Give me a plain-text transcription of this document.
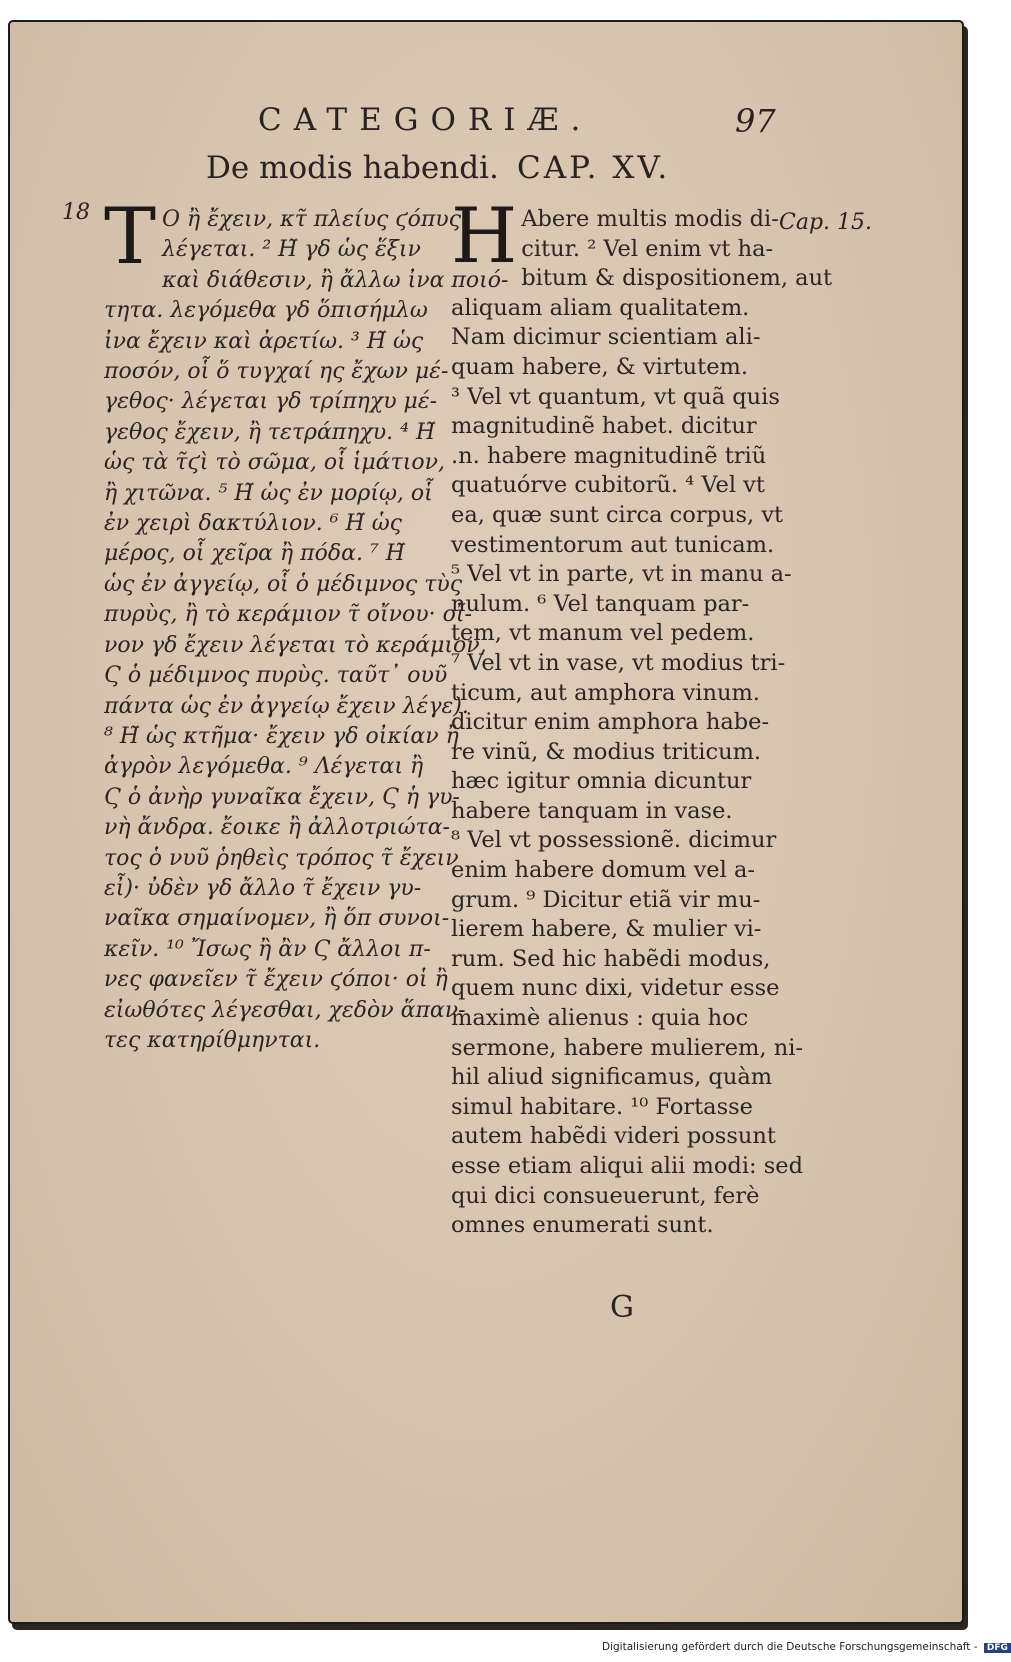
CATEGORIÆ.	97
De modis habendi. CAP. XV.
18 T Ο ἢ ἔχειν, κτ̃ πλείυς ϛόπυς
λέγεται. ² Η̃ γδ ὡς ἕξιν
καὶ διάθεσιν, ἢ ἄλλω ἰνα ποιό-
τητα. λεγόμεθα γδ ὅπισήμλω
ἰνα ἔχειν καὶ ἀρετίω. ³ Η̃ ὡς
ποσόν, οἷ ὅ τυγχαί ης ἔχων μέ-
γεθος· λέγεται γδ τρίπηχυ μέ-
γεθος ἔχειν, ἢ τετράπηχυ. ⁴ Η̃
ὡς τὰ τ̃ϛὶ τὸ σῶμα, οἷ ἱμάτιον,
ἢ χιτῶνα. ⁵ Η̃ ὡς ἐν μορίῳ, οἷ
ἐν χειρὶ δακτύλιον. ⁶ Η̃ ὡς
μέρος, οἷ χεῖρα ἢ πόδα. ⁷ Η̃
ὡς ἐν ἀγγείῳ, οἷ ὁ μέδιμνος τὺς
πυρὺς, ἢ τὸ κεράμιον τ̃ οἴνου· οἴ-
νον γδ ἔχειν λέγεται τὸ κεράμιον,
Ϛ ὁ μέδιμνος πυρὺς. ταῦτ᾽ ουῦ
πάντα ὡς ἐν ἀγγείῳ ἔχειν λέγε).
⁸ Η̃ ὡς κτῆμα· ἔχειν γδ οἰκίαν ἢ
ἀγρὸν λεγόμεθα. ⁹ Λέγεται ἢ
Ϛ ὁ ἀνὴρ γυναῖκα ἔχειν, Ϛ ἡ γυ-
νὴ ἄνδρα. ἔοικε ἢ ἀλλοτριώτα-
τος ὁ νυῦ ῥηθεὶς τρόπος τ̃ ἔχειν
εἶ)· ὐδὲν γδ ἄλλο τ̃ ἔχειν γυ-
ναῖκα σημαίνομεν, ἢ ὅπ συνοι-
κεῖν. ¹⁰ Ἴσως ἢ ἂν Ϛ ἄλλοι π-
νες φανεῖεν τ̃ ἔχειν ϛόποι· οἱ ἢ
εἰωθότες λέγεσθαι, χεδὸν ἅπαν-
τες κατηρίθμηνται.
H Abere multis modis di-
citur. ² Vel enim vt ha-
bitum & dispositionem, aut
aliquam aliam qualitatem.
Nam dicimur scientiam ali-
quam habere, & virtutem.
³ Vel vt quantum, vt quã quis
magnitudinẽ habet. dicitur
.n. habere magnitudinẽ triũ
quatuórve cubitorũ. ⁴ Vel vt
ea, quæ sunt circa corpus, vt
vestimentorum aut tunicam.
⁵ Vel vt in parte, vt in manu a-
nulum. ⁶ Vel tanquam par-
tem, vt manum vel pedem.
⁷ Vel vt in vase, vt modius tri-
ticum, aut amphora vinum.
dicitur enim amphora habe-
re vinũ, & modius triticum.
hæc igitur omnia dicuntur
habere tanquam in vase.
⁸ Vel vt possessionẽ. dicimur
enim habere domum vel a-
grum. ⁹ Dicitur etiã vir mu-
lierem habere, & mulier vi-
rum. Sed hic habẽdi modus,
quem nunc dixi, videtur esse
maximè alienus : quia hoc
sermone, habere mulierem, ni-
hil aliud significamus, quàm
simul habitare. ¹⁰ Fortasse
autem habẽdi videri possunt
esse etiam aliqui alii modi: sed
qui dici consueuerunt, ferè
omnes enumerati sunt.
Cap. 15.
G
Digitalisierung gefördert durch die Deutsche Forschungsgemeinschaft - DFG
